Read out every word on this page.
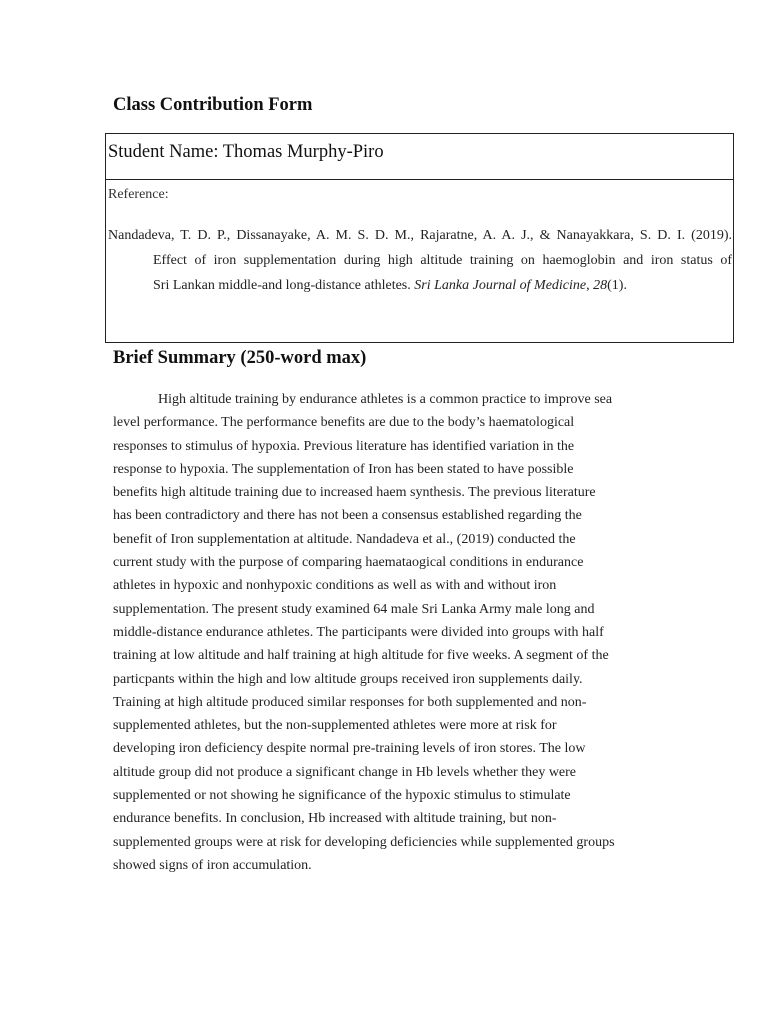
Class Contribution Form
Student Name: Thomas Murphy-Piro
Reference:
Nandadeva, T. D. P., Dissanayake, A. M. S. D. M., Rajaratne, A. A. J., & Nanayakkara, S. D. I. (2019).
Effect of iron supplementation during high altitude training on haemoglobin and iron status of
Sri Lankan middle-and long-distance athletes. Sri Lanka Journal of Medicine, 28(1).
Brief Summary (250-word max)
High altitude training by endurance athletes is a common practice to improve sea
level performance. The performance benefits are due to the body’s haematological
responses to stimulus of hypoxia. Previous literature has identified variation in the
response to hypoxia. The supplementation of Iron has been stated to have possible
benefits high altitude training due to increased haem synthesis. The previous literature
has been contradictory and there has not been a consensus established regarding the
benefit of Iron supplementation at altitude. Nandadeva et al., (2019) conducted the
current study with the purpose of comparing haemataogical conditions in endurance
athletes in hypoxic and nonhypoxic conditions as well as with and without iron
supplementation. The present study examined 64 male Sri Lanka Army male long and
middle-distance endurance athletes. The participants were divided into groups with half
training at low altitude and half training at high altitude for five weeks. A segment of the
particpants within the high and low altitude groups received iron supplements daily.
Training at high altitude produced similar responses for both supplemented and non-
supplemented athletes, but the non-supplemented athletes were more at risk for
developing iron deficiency despite normal pre-training levels of iron stores. The low
altitude group did not produce a significant change in Hb levels whether they were
supplemented or not showing he significance of the hypoxic stimulus to stimulate
endurance benefits. In conclusion, Hb increased with altitude training, but non-
supplemented groups were at risk for developing deficiencies while supplemented groups
showed signs of iron accumulation.
